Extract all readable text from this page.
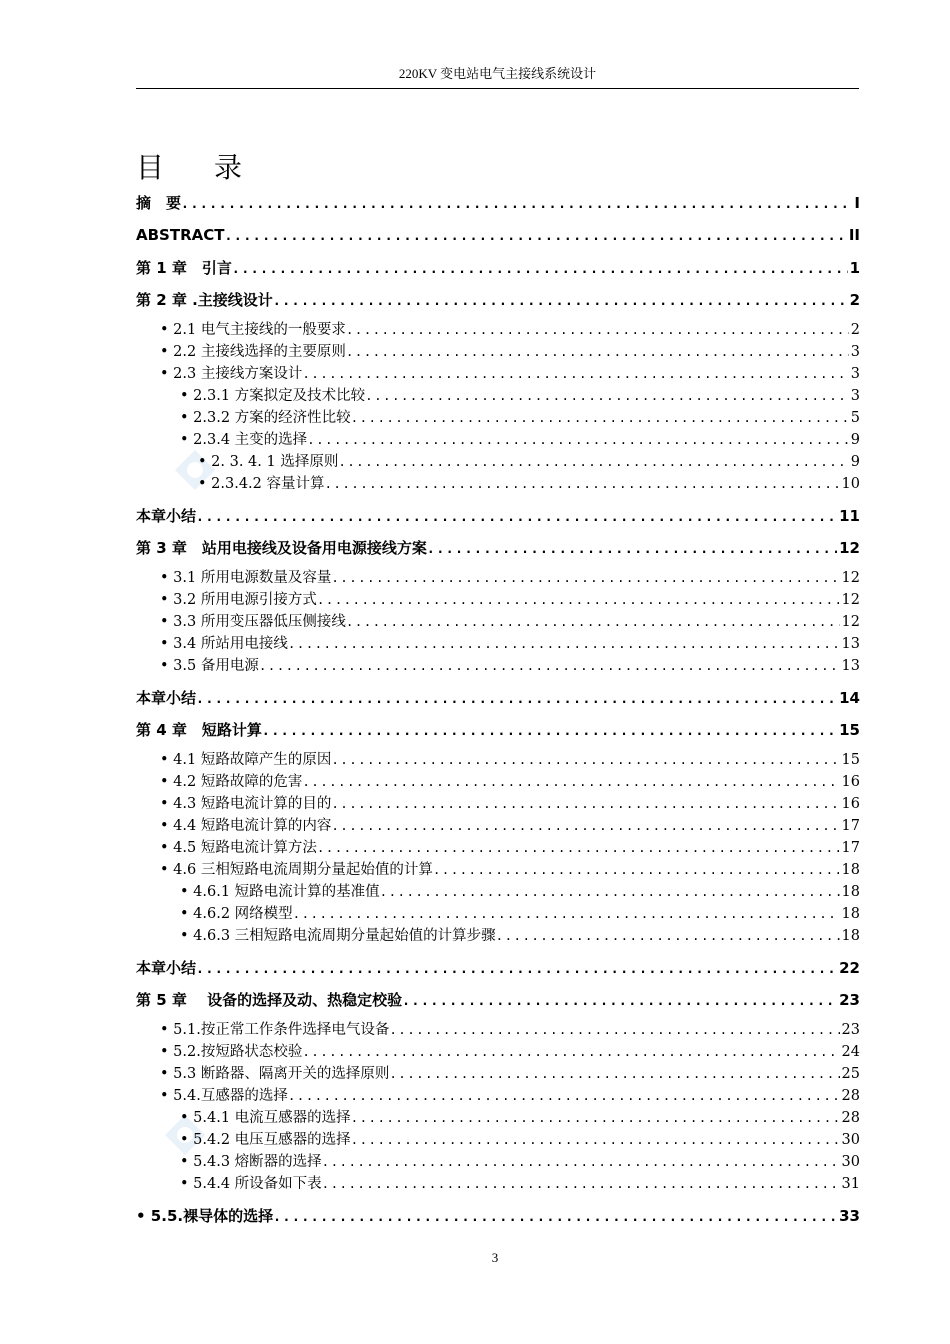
220KV 变电站电气主接线系统设计
目 录
摘　要 .....	I
ABSTRACT .....	II
第 1 章　引言 .....	1
第 2 章 .主接线设计 .....	2
• 2.1 电气主接线的一般要求 .....	2
• 2.2 主接线选择的主要原则 .....	3
• 2.3 主接线方案设计 .....	3
• 2.3.1 方案拟定及技术比较 .....	3
• 2.3.2 方案的经济性比较 .....	5
• 2.3.4 主变的选择 .....	9
• 2. 3. 4. 1 选择原则 .....	9
• 2.3.4.2 容量计算 .....	10
本章小结 .....	11
第 3 章　站用电接线及设备用电源接线方案 .....	12
• 3.1 所用电源数量及容量 .....	12
• 3.2 所用电源引接方式 .....	12
• 3.3 所用变压器低压侧接线 .....	12
• 3.4 所站用电接线 .....	13
• 3.5 备用电源 .....	13
本章小结 .....	14
第 4 章　短路计算 .....	15
• 4.1 短路故障产生的原因 .....	15
• 4.2 短路故障的危害 .....	16
• 4.3 短路电流计算的目的 .....	16
• 4.4 短路电流计算的内容 .....	17
• 4.5 短路电流计算方法 .....	17
• 4.6 三相短路电流周期分量起始值的计算 .....	18
• 4.6.1 短路电流计算的基准值 .....	18
• 4.6.2 网络模型 .....	18
• 4.6.3 三相短路电流周期分量起始值的计算步骤 .....	18
本章小结 .....	22
第 5 章　 设备的选择及动、热稳定校验 .....	23
• 5.1.按正常工作条件选择电气设备 .....	23
• 5.2.按短路状态校验 .....	24
• 5.3 断路器、隔离开关的选择原则 .....	25
• 5.4.互感器的选择 .....	28
• 5.4.1 电流互感器的选择 .....	28
• 5.4.2 电压互感器的选择 .....	30
• 5.4.3 熔断器的选择 .....	30
• 5.4.4 所设备如下表 .....	31
• 5.5.裸导体的选择 .....	33
3
